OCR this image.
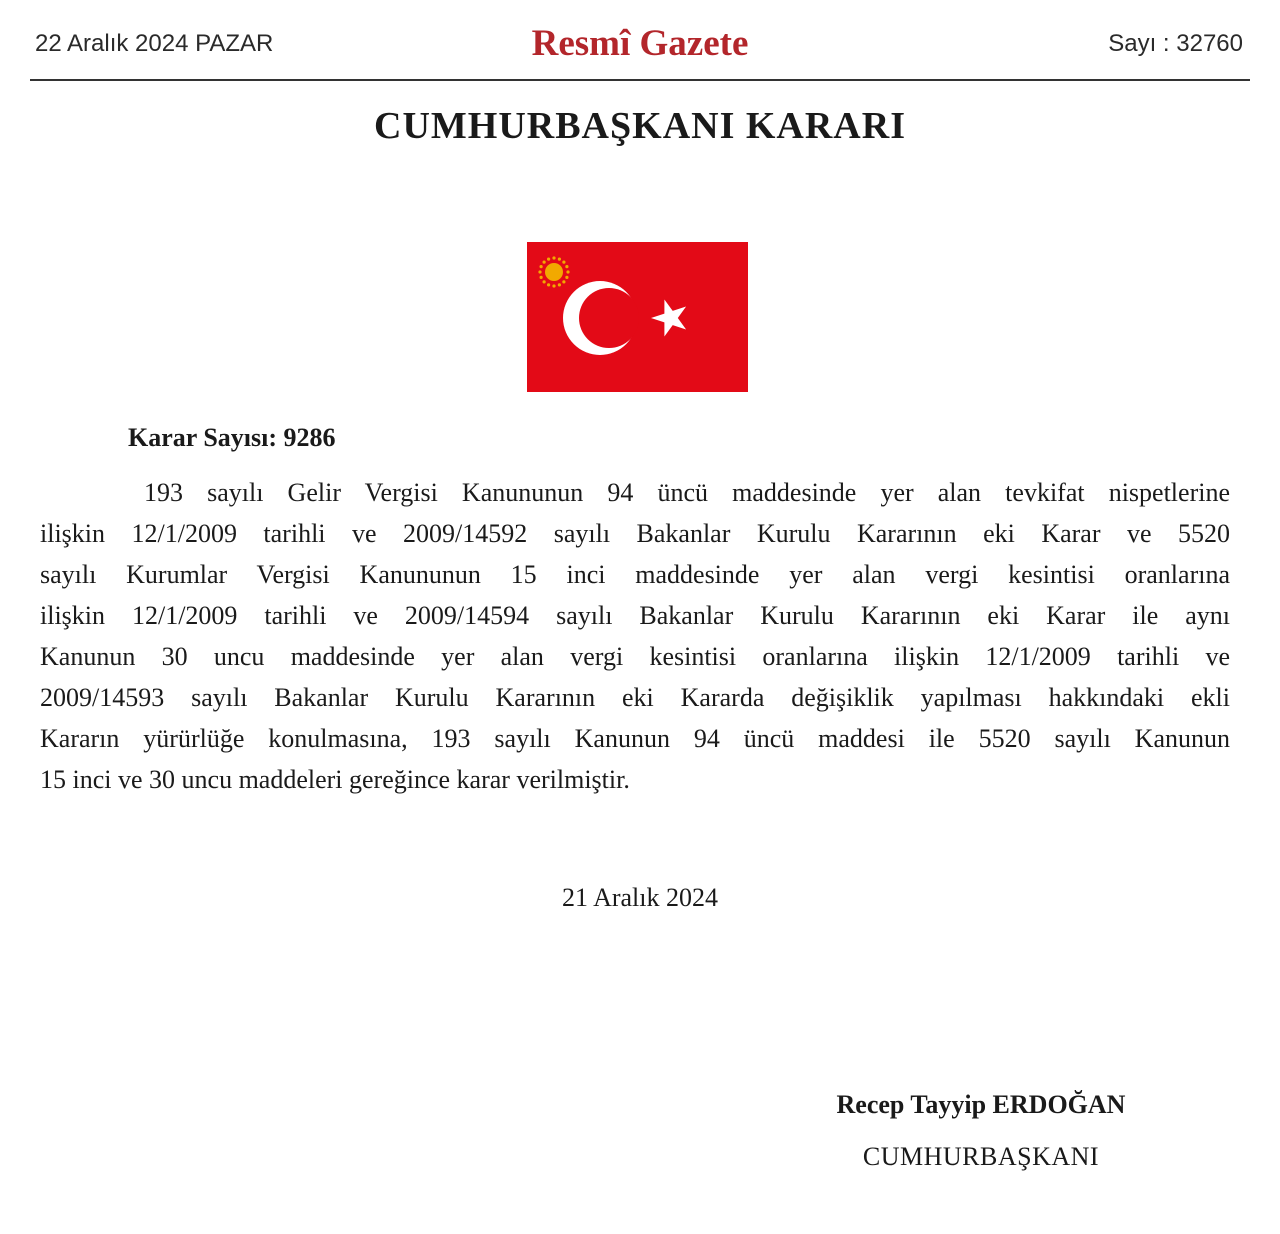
22 Aralık 2024 PAZAR	Resmî Gazete	Sayı : 32760
CUMHURBAŞKANI KARARI
Karar Sayısı: 9286
193 sayılı Gelir Vergisi Kanununun 94 üncü maddesinde yer alan tevkifat nispetlerine
ilişkin 12/1/2009 tarihli ve 2009/14592 sayılı Bakanlar Kurulu Kararının eki Karar ve 5520
sayılı Kurumlar Vergisi Kanununun 15 inci maddesinde yer alan vergi kesintisi oranlarına
ilişkin 12/1/2009 tarihli ve 2009/14594 sayılı Bakanlar Kurulu Kararının eki Karar ile aynı
Kanunun 30 uncu maddesinde yer alan vergi kesintisi oranlarına ilişkin 12/1/2009 tarihli ve
2009/14593 sayılı Bakanlar Kurulu Kararının eki Kararda değişiklik yapılması hakkındaki ekli
Kararın yürürlüğe konulmasına, 193 sayılı Kanunun 94 üncü maddesi ile 5520 sayılı Kanunun
15 inci ve 30 uncu maddeleri gereğince karar verilmiştir.
21 Aralık 2024
Recep Tayyip ERDOĞAN
CUMHURBAŞKANI
